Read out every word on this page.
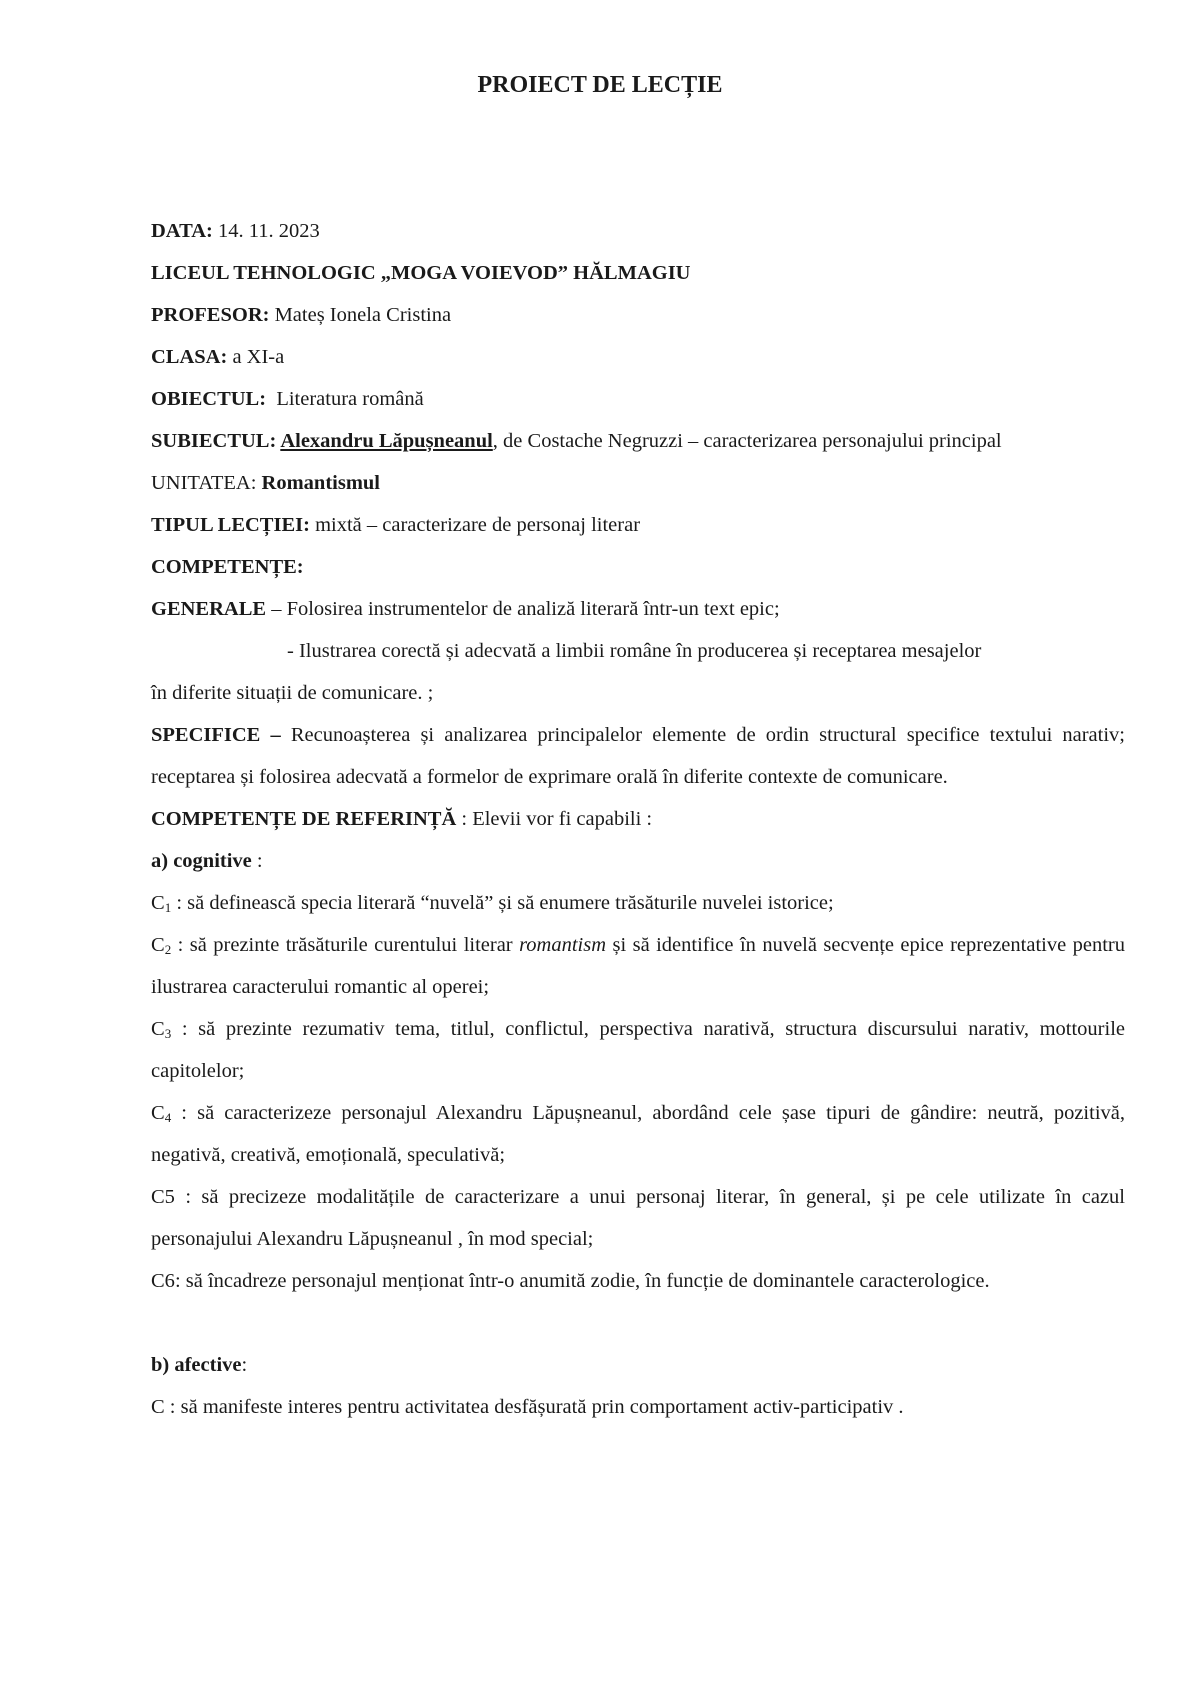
PROIECT DE LECȚIE

DATA: 14. 11. 2023

LICEUL TEHNOLOGIC „MOGA VOIEVOD” HĂLMAGIU

PROFESOR: Mateș Ionela Cristina

CLASA: a XI-a

OBIECTUL:  Literatura română

SUBIECTUL: Alexandru Lăpușneanul, de Costache Negruzzi – caracterizarea personajului principal

UNITATEA: Romantismul

TIPUL LECȚIEI: mixtă – caracterizare de personaj literar

COMPETENȚE:

GENERALE – Folosirea instrumentelor de analiză literară într-un text epic;

- Ilustrarea corectă și adecvată a limbii române în producerea și receptarea mesajelor

în diferite situații de comunicare. ;

SPECIFICE – Recunoașterea și analizarea principalelor elemente de ordin structural specifice textului narativ; receptarea și folosirea adecvată a formelor de exprimare orală în diferite contexte de comunicare.

COMPETENȚE DE REFERINȚĂ : Elevii vor fi capabili :

a) cognitive :

$C_1$ : să definească specia literară “nuvelă” și să enumere trăsăturile nuvelei istorice;

$C_2$ : să prezinte trăsăturile curentului literar romantism și să identifice în nuvelă secvențe epice reprezentative pentru ilustrarea caracterului romantic al operei;

$C_3$ : să prezinte rezumativ tema, titlul, conflictul, perspectiva narativă, structura discursului narativ, mottourile capitolelor;

$C_4$ : să caracterizeze personajul Alexandru Lăpușneanul, abordând cele șase tipuri de gândire: neutră, pozitivă, negativă, creativă, emoțională, speculativă;

C5 : să precizeze modalitățile de caracterizare a unui personaj literar, în general, și pe cele utilizate în cazul personajului Alexandru Lăpușneanul , în mod special;

C6: să încadreze personajul menționat într-o anumită zodie, în funcție de dominantele caracterologice.

b) afective:

C : să manifeste interes pentru activitatea desfășurată prin comportament activ-participativ .
